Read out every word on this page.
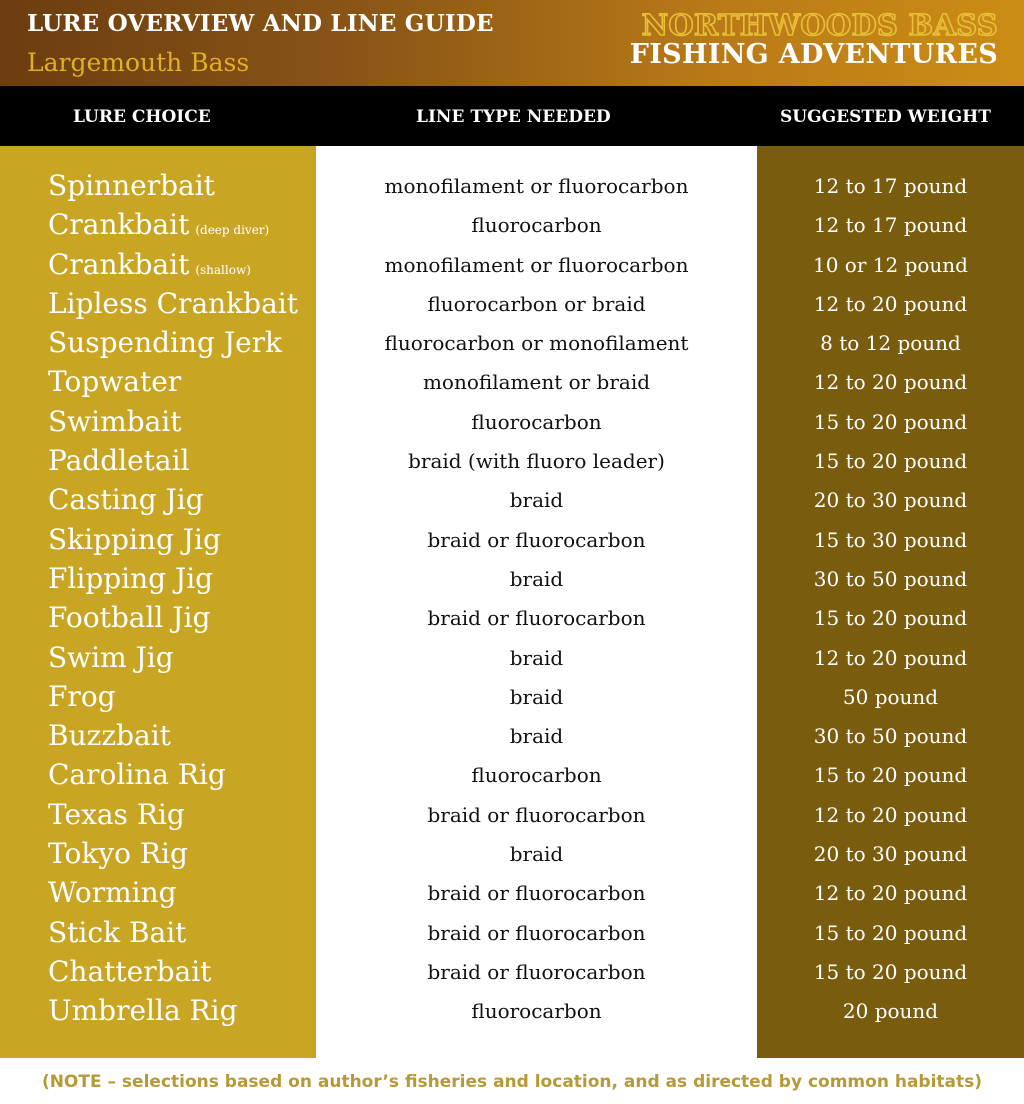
LURE OVERVIEW AND LINE GUIDE
Largemouth Bass
NORTHWOODS BASS
FISHING ADVENTURES
LURE CHOICE	LINE TYPE NEEDED	SUGGESTED WEIGHT
Spinnerbait	monofilament or fluorocarbon	12 to 17 pound
Crankbait (deep diver)	fluorocarbon	12 to 17 pound
Crankbait (shallow)	monofilament or fluorocarbon	10 or 12 pound
Lipless Crankbait	fluorocarbon or braid	12 to 20 pound
Suspending Jerk	fluorocarbon or monofilament	8 to 12 pound
Topwater	monofilament or braid	12 to 20 pound
Swimbait	fluorocarbon	15 to 20 pound
Paddletail	braid (with fluoro leader)	15 to 20 pound
Casting Jig	braid	20 to 30 pound
Skipping Jig	braid or fluorocarbon	15 to 30 pound
Flipping Jig	braid	30 to 50 pound
Football Jig	braid or fluorocarbon	15 to 20 pound
Swim Jig	braid	12 to 20 pound
Frog	braid	50 pound
Buzzbait	braid	30 to 50 pound
Carolina Rig	fluorocarbon	15 to 20 pound
Texas Rig	braid or fluorocarbon	12 to 20 pound
Tokyo Rig	braid	20 to 30 pound
Worming	braid or fluorocarbon	12 to 20 pound
Stick Bait	braid or fluorocarbon	15 to 20 pound
Chatterbait	braid or fluorocarbon	15 to 20 pound
Umbrella Rig	fluorocarbon	20 pound
(NOTE – selections based on author’s fisheries and location, and as directed by common habitats)
